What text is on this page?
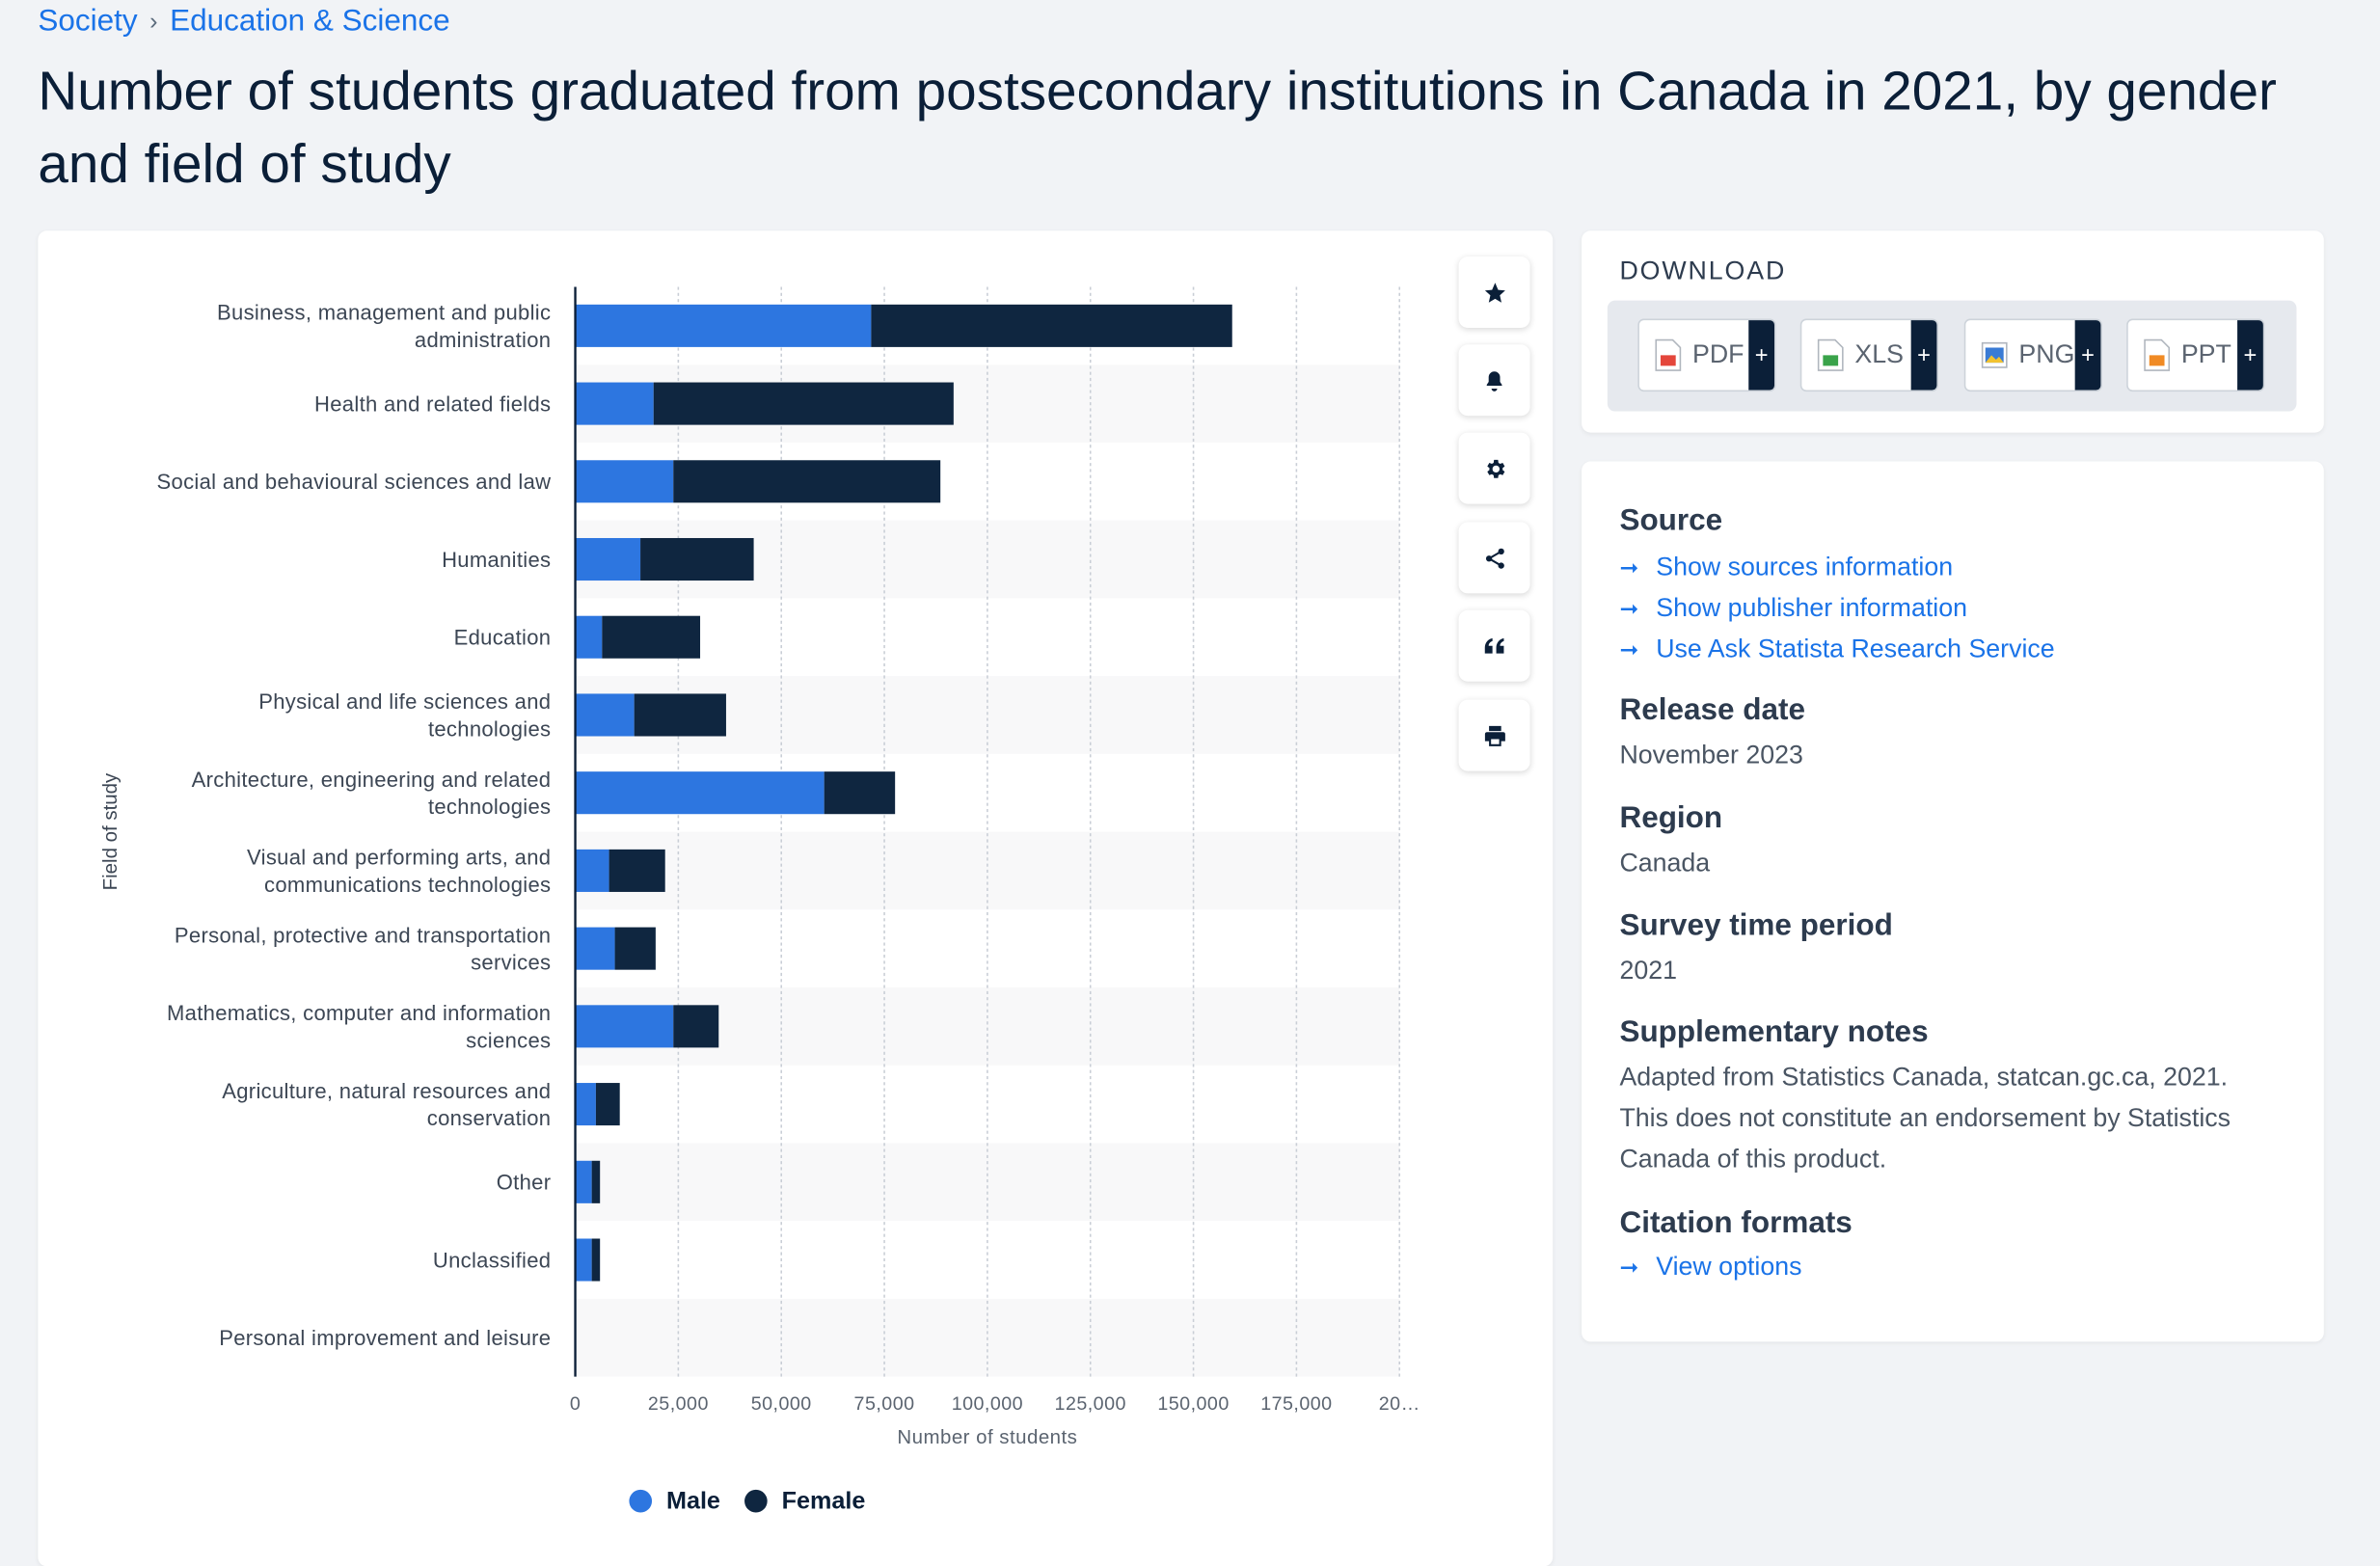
Society › Education & Science
Number of students graduated from postsecondary institutions in Canada in 2021, by gender and field of study
0	25,000	50,000	75,000	100,000	125,000	150,000	175,000	20…
Business, management and public
administration
Health and related fields
Social and behavioural sciences and law
Humanities
Education
Physical and life sciences and
technologies
Architecture, engineering and related
technologies
Visual and performing arts, and
communications technologies
Personal, protective and transportation
services
Mathematics, computer and information
sciences
Agriculture, natural resources and
conservation
Other
Unclassified
Personal improvement and leisure
Number of students
Field of study
Male	Female
DOWNLOAD
PDF +	XLS +	PNG +	PPT +
Source
➞	Show sources information
➞	Show publisher information
➞	Use Ask Statista Research Service
Release date
November 2023
Region
Canada
Survey time period
2021
Supplementary notes
Adapted from Statistics Canada, statcan.gc.ca, 2021.
This does not constitute an endorsement by Statistics
Canada of this product.
Citation formats
➞	View options
